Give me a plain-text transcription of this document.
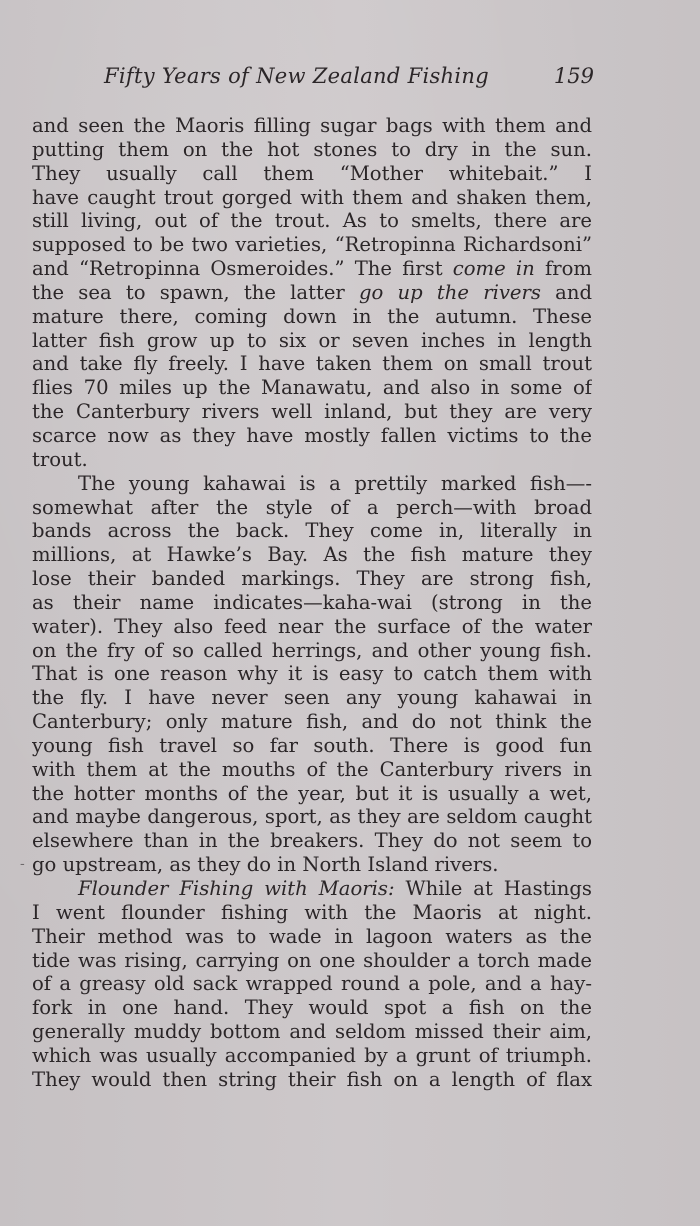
Fifty Years of New Zealand Fishing	159
-
and seen the Maoris filling sugar bags with them and
putting them on the hot stones to dry in the sun.
They usually call them “Mother whitebait.” I
have caught trout gorged with them and shaken them,
still living, out of the trout. As to smelts, there are
supposed to be two varieties, “Retropinna Richardsoni”
and “Retropinna Osmeroides.” The first come in from
the sea to spawn, the latter go up the rivers and
mature there, coming down in the autumn. These
latter fish grow up to six or seven inches in length
and take fly freely. I have taken them on small trout
flies 70 miles up the Manawatu, and also in some of
the Canterbury rivers well inland, but they are very
scarce now as they have mostly fallen victims to the
trout.
The young kahawai is a prettily marked fish—-
somewhat after the style of a perch—with broad
bands across the back. They come in, literally in
millions, at Hawke’s Bay. As the fish mature they
lose their banded markings. They are strong fish,
as their name indicates—kaha-wai (strong in the
water). They also feed near the surface of the water
on the fry of so called herrings, and other young fish.
That is one reason why it is easy to catch them with
the fly. I have never seen any young kahawai in
Canterbury; only mature fish, and do not think the
young fish travel so far south. There is good fun
with them at the mouths of the Canterbury rivers in
the hotter months of the year, but it is usually a wet,
and maybe dangerous, sport, as they are seldom caught
elsewhere than in the breakers. They do not seem to
go upstream, as they do in North Island rivers.
Flounder Fishing with Maoris: While at Hastings
I went flounder fishing with the Maoris at night.
Their method was to wade in lagoon waters as the
tide was rising, carrying on one shoulder a torch made
of a greasy old sack wrapped round a pole, and a hay-
fork in one hand. They would spot a fish on the
generally muddy bottom and seldom missed their aim,
which was usually accompanied by a grunt of triumph.
They would then string their fish on a length of flax
